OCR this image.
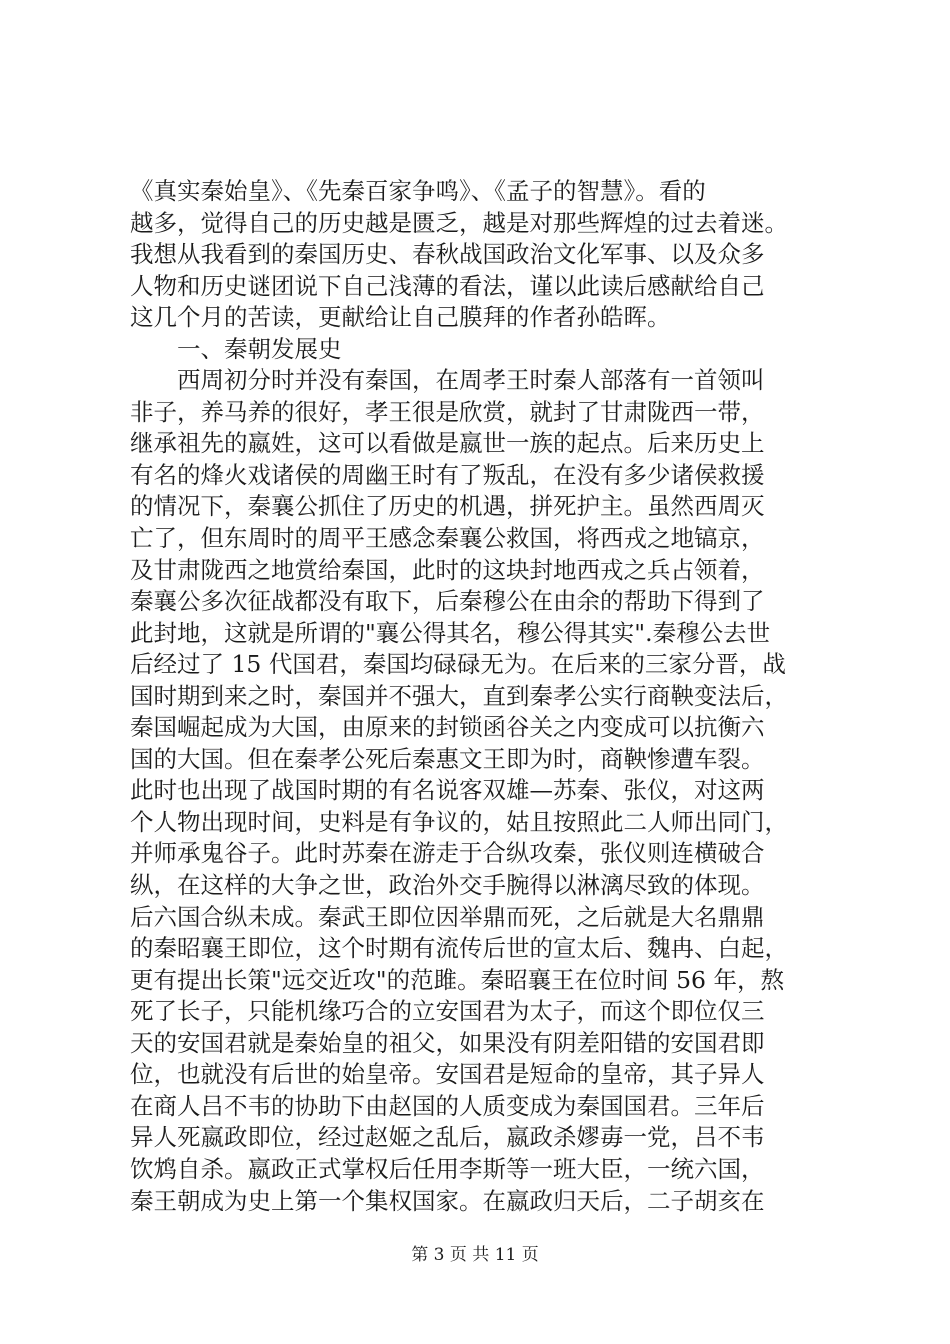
《真实秦始皇》、《先秦百家争鸣》、《孟子的智慧》。看的
越多，觉得自己的历史越是匮乏，越是对那些辉煌的过去着迷。
我想从我看到的秦国历史、春秋战国政治文化军事、以及众多
人物和历史谜团说下自己浅薄的看法，谨以此读后感献给自己
这几个月的苦读，更献给让自己膜拜的作者孙皓晖。
　　一、秦朝发展史
　　西周初分时并没有秦国，在周孝王时秦人部落有一首领叫
非子，养马养的很好，孝王很是欣赏，就封了甘肃陇西一带，
继承祖先的嬴姓，这可以看做是嬴世一族的起点。后来历史上
有名的烽火戏诸侯的周幽王时有了叛乱，在没有多少诸侯救援
的情况下，秦襄公抓住了历史的机遇，拼死护主。虽然西周灭
亡了，但东周时的周平王感念秦襄公救国，将西戎之地镐京，
及甘肃陇西之地赏给秦国，此时的这块封地西戎之兵占领着，
秦襄公多次征战都没有取下，后秦穆公在由余的帮助下得到了
此封地，这就是所谓的"襄公得其名，穆公得其实".秦穆公去世
后经过了 15 代国君，秦国均碌碌无为。在后来的三家分晋，战
国时期到来之时，秦国并不强大，直到秦孝公实行商鞅变法后，
秦国崛起成为大国，由原来的封锁函谷关之内变成可以抗衡六
国的大国。但在秦孝公死后秦惠文王即为时，商鞅惨遭车裂。
此时也出现了战国时期的有名说客双雄—苏秦、张仪，对这两
个人物出现时间，史料是有争议的，姑且按照此二人师出同门，
并师承鬼谷子。此时苏秦在游走于合纵攻秦，张仪则连横破合
纵，在这样的大争之世，政治外交手腕得以淋漓尽致的体现。
后六国合纵未成。秦武王即位因举鼎而死，之后就是大名鼎鼎
的秦昭襄王即位，这个时期有流传后世的宣太后、魏冉、白起，
更有提出长策"远交近攻"的范雎。秦昭襄王在位时间 56 年，熬
死了长子，只能机缘巧合的立安国君为太子，而这个即位仅三
天的安国君就是秦始皇的祖父，如果没有阴差阳错的安国君即
位，也就没有后世的始皇帝。安国君是短命的皇帝，其子异人
在商人吕不韦的协助下由赵国的人质变成为秦国国君。三年后
异人死嬴政即位，经过赵姬之乱后，嬴政杀嫪毐一党，吕不韦
饮鸩自杀。嬴政正式掌权后任用李斯等一班大臣，一统六国，
秦王朝成为史上第一个集权国家。在嬴政归天后，二子胡亥在
第 3 页 共 11 页
